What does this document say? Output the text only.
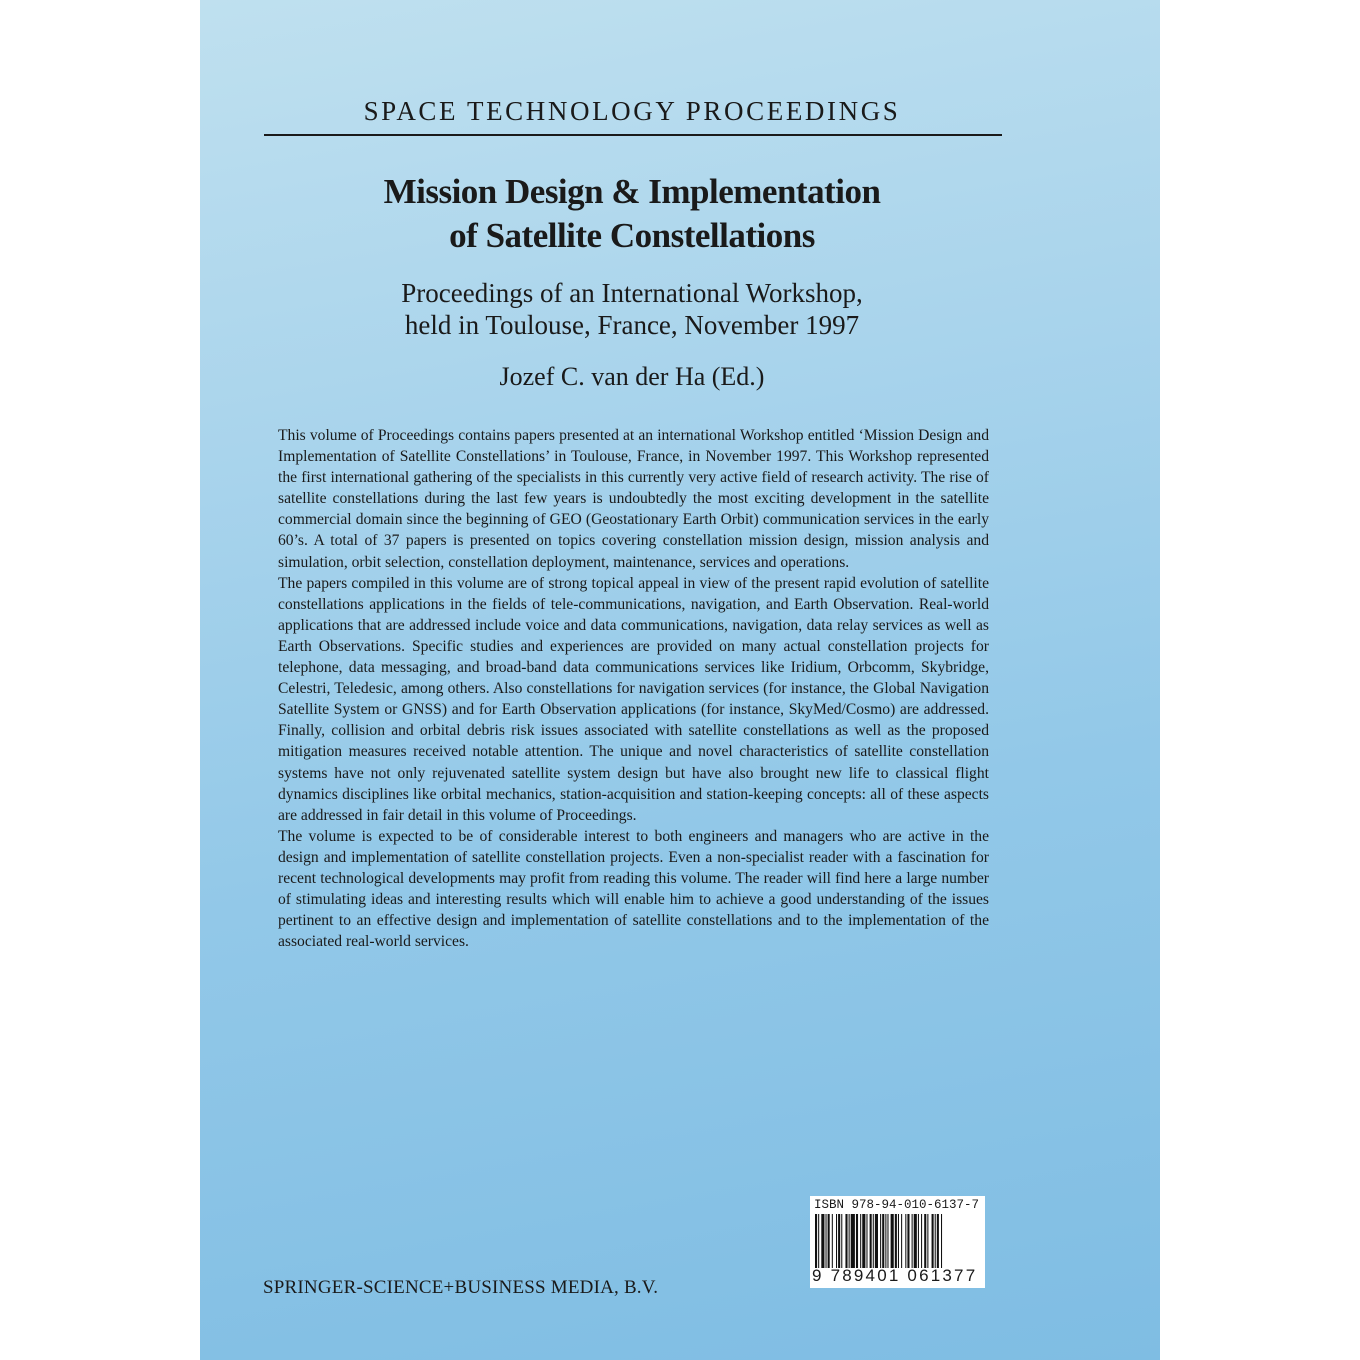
SPACE TECHNOLOGY PROCEEDINGS
Mission Design & Implementation
of Satellite Constellations
Proceedings of an International Workshop,
held in Toulouse, France, November 1997
Jozef C. van der Ha (Ed.)

This volume of Proceedings contains papers presented at an international Workshop entitled ‘Mission Design and Implementation of Satellite Constellations’ in Toulouse, France, in November 1997. This Workshop represented the first international gathering of the specialists in this currently very active field of research activity. The rise of satellite constellations during the last few years is undoubtedly the most exciting development in the satellite commercial domain since the beginning of GEO (Geostationary Earth Orbit) communication services in the early 60’s. A total of 37 papers is presented on topics covering constellation mission design, mission analysis and simulation, orbit selection, constellation deployment, maintenance, services and operations.

The papers compiled in this volume are of strong topical appeal in view of the present rapid evolution of satellite constellations applications in the fields of tele-communications, navigation, and Earth Observation. Real-world applications that are addressed include voice and data communications, navigation, data relay services as well as Earth Observations. Specific studies and experiences are provided on many actual constellation projects for telephone, data messaging, and broad-band data communications services like Iridium, Orbcomm, Skybridge, Celestri, Teledesic, among others. Also constellations for navigation services (for instance, the Global Navigation Satellite System or GNSS) and for Earth Observation applications (for instance, SkyMed/Cosmo) are addressed. Finally, collision and orbital debris risk issues associated with satellite constellations as well as the proposed mitigation measures received notable attention. The unique and novel characteristics of satellite constellation systems have not only rejuvenated satellite system design but have also brought new life to classical flight dynamics disciplines like orbital mechanics, station-acquisition and station-keeping concepts: all of these aspects are addressed in fair detail in this volume of Proceedings.

The volume is expected to be of considerable interest to both engineers and managers who are active in the design and implementation of satellite constellation projects. Even a non-specialist reader with a fascination for recent technological developments may profit from reading this volume. The reader will find here a large number of stimulating ideas and interesting results which will enable him to achieve a good understanding of the issues pertinent to an effective design and implementation of satellite constellations and to the implementation of the associated real-world services.

ISBN 978-94-010-6137-7
9 789401 061377
SPRINGER-SCIENCE+BUSINESS MEDIA, B.V.
